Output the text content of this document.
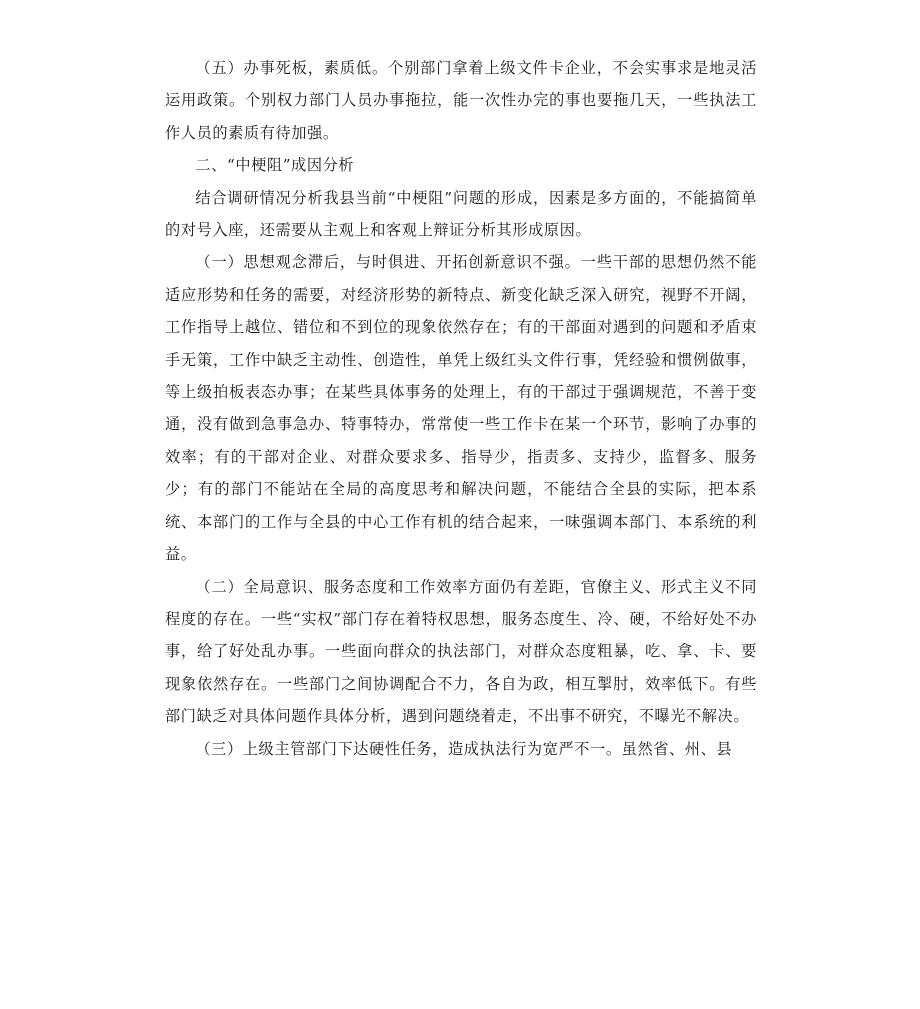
（五）办事死板，素质低。个别部门拿着上级文件卡企业，不会实事求是地灵活运用政策。个别权力部门人员办事拖拉，能一次性办完的事也要拖几天，一些执法工作人员的素质有待加强。

二、“中梗阻”成因分析

结合调研情况分析我县当前“中梗阻”问题的形成，因素是多方面的，不能搞简单的对号入座，还需要从主观上和客观上辩证分析其形成原因。

（一）思想观念滞后，与时俱进、开拓创新意识不强。一些干部的思想仍然不能适应形势和任务的需要，对经济形势的新特点、新变化缺乏深入研究，视野不开阔，工作指导上越位、错位和不到位的现象依然存在；有的干部面对遇到的问题和矛盾束手无策，工作中缺乏主动性、创造性，单凭上级红头文件行事，凭经验和惯例做事，等上级拍板表态办事；在某些具体事务的处理上，有的干部过于强调规范，不善于变通，没有做到急事急办、特事特办，常常使一些工作卡在某一个环节，影响了办事的效率；有的干部对企业、对群众要求多、指导少，指责多、支持少，监督多、服务少；有的部门不能站在全局的高度思考和解决问题，不能结合全县的实际，把本系统、本部门的工作与全县的中心工作有机的结合起来，一味强调本部门、本系统的利益。

（二）全局意识、服务态度和工作效率方面仍有差距，官僚主义、形式主义不同程度的存在。一些“实权”部门存在着特权思想，服务态度生、冷、硬，不给好处不办事，给了好处乱办事。一些面向群众的执法部门，对群众态度粗暴，吃、拿、卡、要现象依然存在。一些部门之间协调配合不力，各自为政，相互掣肘，效率低下。有些部门缺乏对具体问题作具体分析，遇到问题绕着走，不出事不研究，不曝光不解决。

（三）上级主管部门下达硬性任务，造成执法行为宽严不一。虽然省、州、县
